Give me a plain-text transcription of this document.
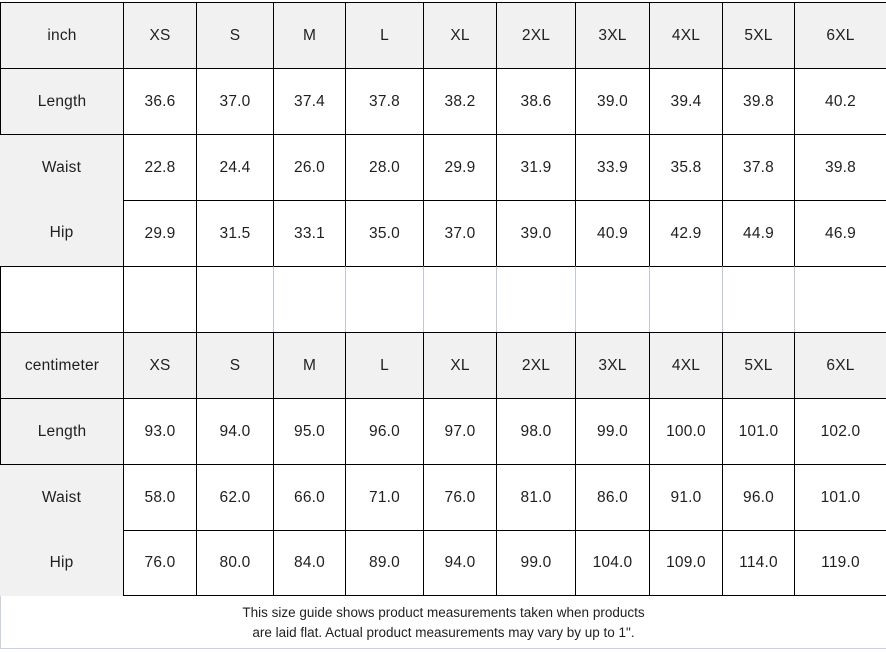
inch	XS	S	M	L	XL	2XL	3XL	4XL	5XL	6XL
Length	36.6	37.0	37.4	37.8	38.2	38.6	39.0	39.4	39.8	40.2
Waist	22.8	24.4	26.0	28.0	29.9	31.9	33.9	35.8	37.8	39.8
Hip	29.9	31.5	33.1	35.0	37.0	39.0	40.9	42.9	44.9	46.9
centimeter	XS	S	M	L	XL	2XL	3XL	4XL	5XL	6XL
Length	93.0	94.0	95.0	96.0	97.0	98.0	99.0	100.0	101.0	102.0
Waist	58.0	62.0	66.0	71.0	76.0	81.0	86.0	91.0	96.0	101.0
Hip	76.0	80.0	84.0	89.0	94.0	99.0	104.0	109.0	114.0	119.0
This size guide shows product measurements taken when products
are laid flat. Actual product measurements may vary by up to 1".
